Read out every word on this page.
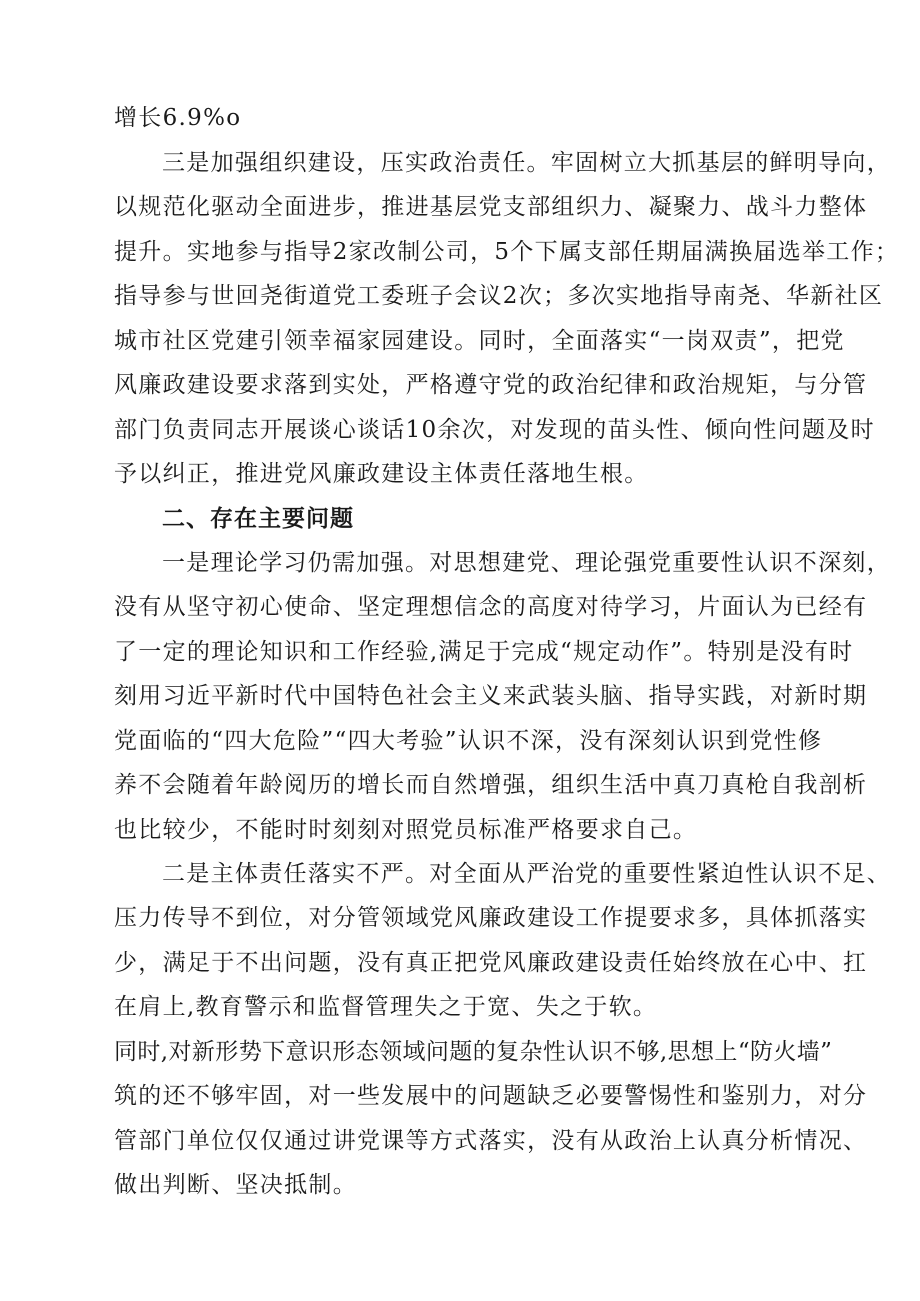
增长6.9%o
三是加强组织建设，压实政治责任。牢固树立大抓基层的鲜明导向，
以规范化驱动全面进步，推进基层党支部组织力、凝聚力、战斗力整体
提升。实地参与指导2家改制公司，5个下属支部任期届满换届选举工作；
指导参与世回尧街道党工委班子会议2次；多次实地指导南尧、华新社区
城市社区党建引领幸福家园建设。同时，全面落实“一岗双责”，把党
风廉政建设要求落到实处，严格遵守党的政治纪律和政治规矩，与分管
部门负责同志开展谈心谈话10余次，对发现的苗头性、倾向性问题及时
予以纠正，推进党风廉政建设主体责任落地生根。
二、存在主要问题
一是理论学习仍需加强。对思想建党、理论强党重要性认识不深刻，
没有从坚守初心使命、坚定理想信念的高度对待学习，片面认为已经有
了一定的理论知识和工作经验,满足于完成“规定动作”。特别是没有时
刻用习近平新时代中国特色社会主义来武装头脑、指导实践，对新时期
党面临的“四大危险”“四大考验”认识不深，没有深刻认识到党性修
养不会随着年龄阅历的增长而自然增强，组织生活中真刀真枪自我剖析
也比较少，不能时时刻刻对照党员标准严格要求自己。
二是主体责任落实不严。对全面从严治党的重要性紧迫性认识不足、
压力传导不到位，对分管领域党风廉政建设工作提要求多，具体抓落实
少，满足于不出问题，没有真正把党风廉政建设责任始终放在心中、扛
在肩上,教育警示和监督管理失之于宽、失之于软。
同时,对新形势下意识形态领域问题的复杂性认识不够,思想上“防火墙”
筑的还不够牢固，对一些发展中的问题缺乏必要警惕性和鉴别力，对分
管部门单位仅仅通过讲党课等方式落实，没有从政治上认真分析情况、
做出判断、坚决抵制。
